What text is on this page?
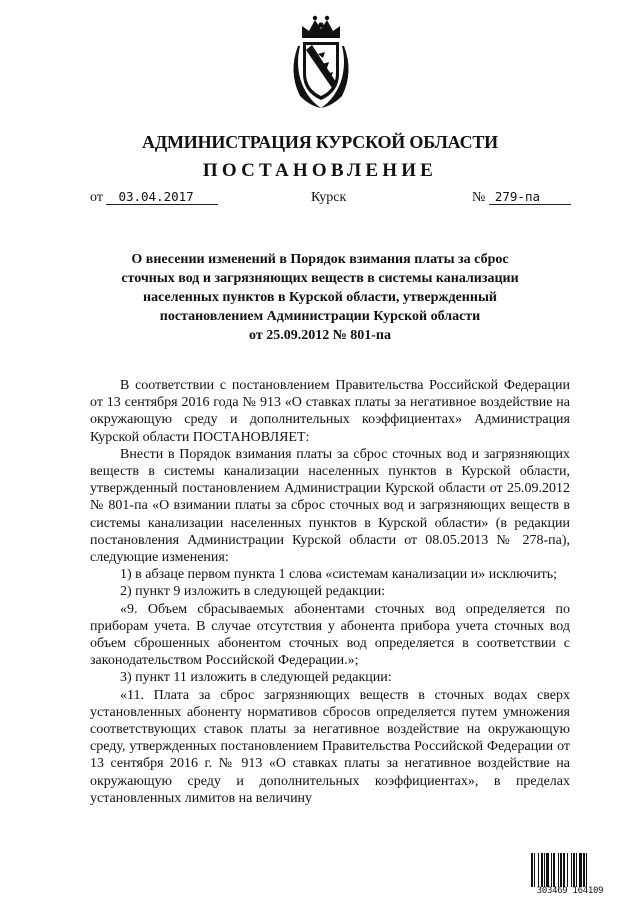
АДМИНИСТРАЦИЯ КУРСКОЙ ОБЛАСТИ
ПОСТАНОВЛЕНИЕ
от 03.04.2017	Курск	№ 279-па
О внесении изменений в Порядок взимания платы за сброс
сточных вод и загрязняющих веществ в системы канализации
населенных пунктов в Курской области, утвержденный
постановлением Администрации Курской области
от 25.09.2012 № 801-па

В соответствии с постановлением Правительства Российской Федерации от 13 сентября 2016 года № 913 «О ставках платы за негативное воздействие на окружающую среду и дополнительных коэффициентах» Администрация Курской области ПОСТАНОВЛЯЕТ:

Внести в Порядок взимания платы за сброс сточных вод и загрязняющих веществ в системы канализации населенных пунктов в Курской области, утвержденный постановлением Администрации Курской области от 25.09.2012 № 801-па «О взимании платы за сброс сточных вод и загрязняющих веществ в системы канализации населенных пунктов в Курской области» (в редакции постановления Администрации Курской области от 08.05.2013 № 278-па), следующие изменения:

1) в абзаце первом пункта 1 слова «системам канализации и» исключить;

2) пункт 9 изложить в следующей редакции:

«9. Объем сбрасываемых абонентами сточных вод определяется по приборам учета. В случае отсутствия у абонента прибора учета сточных вод объем сброшенных абонентом сточных вод определяется в соответствии с законодательством Российской Федерации.»;

3) пункт 11 изложить в следующей редакции:

«11. Плата за сброс загрязняющих веществ в сточных водах сверх установленных абоненту нормативов сбросов определяется путем умножения соответствующих ставок платы за негативное воздействие на окружающую среду, утвержденных постановлением Правительства Российской Федерации от 13 сентября 2016 г. № 913 «О ставках платы за негативное воздействие на окружающую среду и дополнительных коэффициентах», в пределах установленных лимитов на величину

303469 164109
